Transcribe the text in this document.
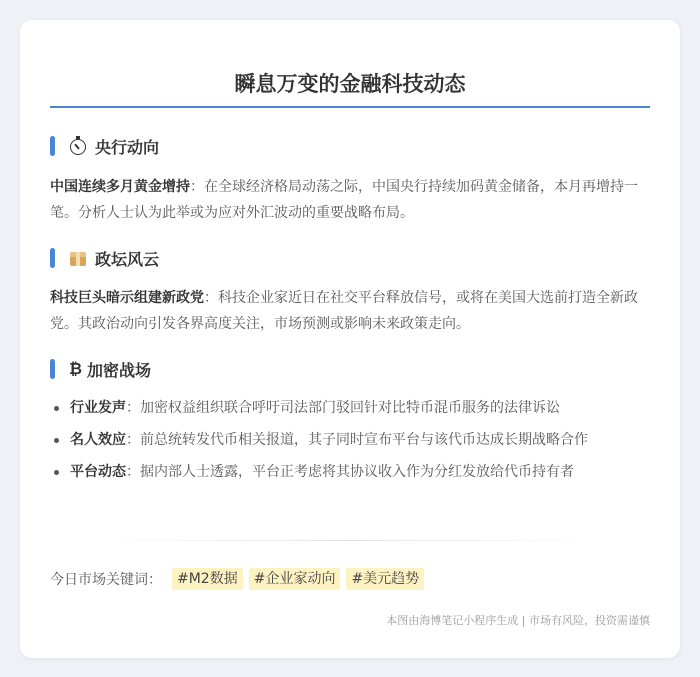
瞬息万变的金融科技动态
央行动向

中国连续多月黄金增持：在全球经济格局动荡之际，中国央行持续加码黄金储备，本月再增持一笔。分析人士认为此举或为应对外汇波动的重要战略布局。

政坛风云

科技巨头暗示组建新政党：科技企业家近日在社交平台释放信号，或将在美国大选前打造全新政党。其政治动向引发各界高度关注，市场预测或影响未来政策走向。

₿ 加密战场
行业发声：加密权益组织联合呼吁司法部门驳回针对比特币混币服务的法律诉讼
名人效应：前总统转发代币相关报道，其子同时宣布平台与该代币达成长期战略合作
平台动态：据内部人士透露，平台正考虑将其协议收入作为分红发放给代币持有者
今日市场关键词：	#M2数据	#企业家动向	#美元趋势
本图由海博笔记小程序生成 | 市场有风险，投资需谨慎
